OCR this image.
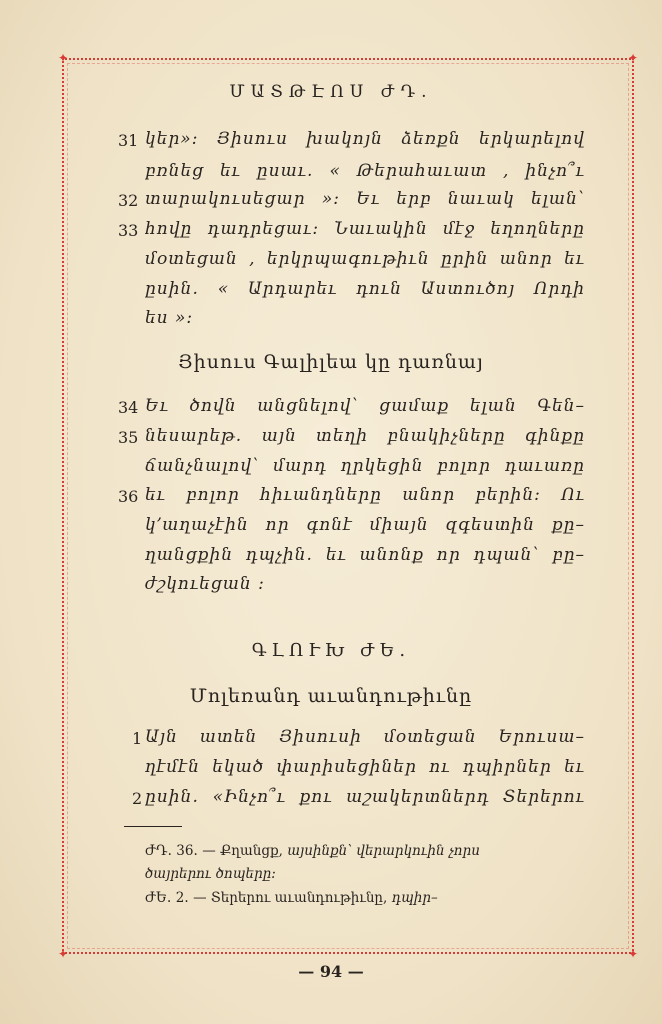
✦	✦
✦	✦
ՄԱՏԹԷՈՍ ԺԴ․
31 կեր»։ Յիսուս խակոյն ձեռքն երկարելով
բռնեց եւ ըսաւ․ « Թերահաւատ , ինչո՞ւ
32 տարակուսեցար »։ Եւ երբ նաւակ ելան՝
33 հովը դադրեցաւ։ Նաւակին մէջ եղողները
մօտեցան , երկրպագութիւն ըրին անոր եւ
ըսին․ « Արդարեւ դուն Աստուծոյ Որդի
ես »։
Յիսուս Գալիլեա կը դառնայ
34 Եւ ծովն անցնելով՝ ցամաք ելան Գեն–
35 նեսարեթ․ այն տեղի բնակիչները գինքը
ճանչնալով՝ մարդ ղրկեցին բոլոր դաւառը
36 եւ բոլոր հիւանդները անոր բերին։ Ու
կ՚աղաչէին որ գոնէ միայն զգեստին քը–
ղանցքին դպչին․ եւ անոնք որ դպան՝ բը–
ժշկուեցան ։
ԳԼՈՒԽ ԺԵ․
Մոլեռանդ աւանդութիւնը
1 Այն ատեն Յիսուսի մօտեցան Երուսա–
ղէմէն եկած փարիսեցիներ ու դպիրներ եւ
2 ըսին․ «Ինչո՞ւ քու աշակերտներդ Տերերու
ԺԴ․ 36․ — Քղանցք, այսինքն՝ վերարկուին չորս
ծայրերու ծոպերը։
ԺԵ․ 2․ — Տերերու աւանդութիւնը, դպիր–
— 94 —
